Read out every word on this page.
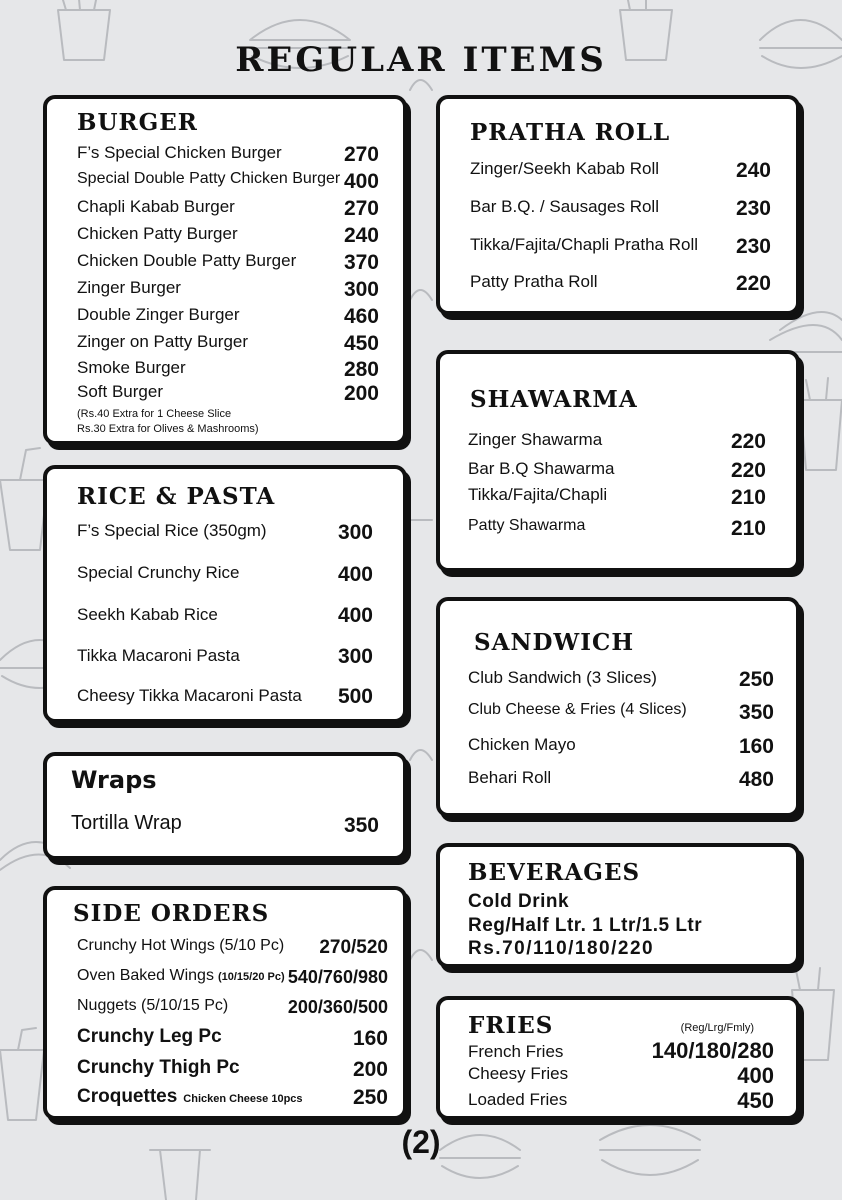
REGULAR ITEMS
BURGER
F’s Special Chicken Burger	270
Special Double Patty Chicken Burger 400
Chapli Kabab Burger	270
Chicken Patty Burger	240
Chicken Double Patty Burger 370
Zinger Burger	300
Double Zinger Burger	460
Zinger on Patty Burger	450
Smoke Burger	280
Soft Burger	200
(Rs.40 Extra for 1 Cheese Slice
Rs.30 Extra for Olives & Mashrooms)
RICE & PASTA
F’s Special Rice (350gm)	300
Special Crunchy Rice	400
Seekh Kabab Rice	400
Tikka Macaroni Pasta	300
Cheesy Tikka Macaroni Pasta 500
Wraps
Tortilla Wrap	350
SIDE ORDERS
Crunchy Hot Wings (5/10 Pc) 270/520
Oven Baked Wings (10/15/20 Pc) 540/760/980
Nuggets (5/10/15 Pc)	200/360/500
Crunchy Leg Pc	160
Crunchy Thigh Pc	200
Croquettes Chicken Cheese 10pcs 250
PRATHA ROLL
Zinger/Seekh Kabab Roll	240
Bar B.Q. / Sausages Roll	230
Tikka/Fajita/Chapli Pratha Roll 230
Patty Pratha Roll	220
SHAWARMA
Zinger Shawarma	220
Bar B.Q Shawarma	220
Tikka/Fajita/Chapli	210
Patty Shawarma	210
SANDWICH
Club Sandwich (3 Slices)	250
Club Cheese & Fries (4 Slices) 350
Chicken Mayo	160
Behari Roll	480
BEVERAGES
Cold Drink
Reg/Half Ltr. 1 Ltr/1.5 Ltr
Rs.70/110/180/220
FRIES	(Reg/Lrg/Fmly)
French Fries	140/180/280
Cheesy Fries	400
Loaded Fries	450
(2)
